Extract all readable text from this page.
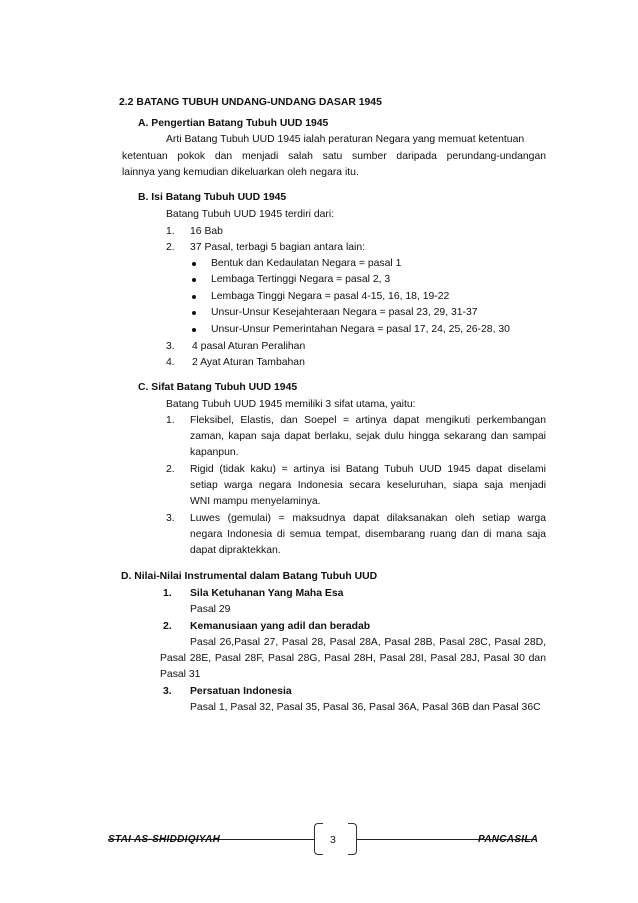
2.2 BATANG TUBUH UNDANG-UNDANG DASAR 1945
A. Pengertian Batang Tubuh UUD 1945
Arti Batang Tubuh UUD 1945 ialah peraturan Negara yang memuat ketentuan
ketentuan pokok dan menjadi salah satu sumber daripada perundang-undangan
lainnya yang kemudian dikeluarkan oleh negara itu.
B. Isi Batang Tubuh UUD 1945
Batang Tubuh UUD 1945 terdiri dari:
1. 16 Bab
2. 37 Pasal, terbagi 5 bagian antara lain:
Bentuk dan Kedaulatan Negara = pasal 1
Lembaga Tertinggi Negara = pasal 2, 3
Lembaga Tinggi Negara = pasal 4-15, 16, 18, 19-22
Unsur-Unsur Kesejahteraan Negara = pasal 23, 29, 31-37
Unsur-Unsur Pemerintahan Negara = pasal 17, 24, 25, 26-28, 30
3. 4 pasal Aturan Peralihan
4. 2 Ayat Aturan Tambahan
C. Sifat Batang Tubuh UUD 1945
Batang Tubuh UUD 1945 memiliki 3 sifat utama, yaitu:
1. Fleksibel, Elastis, dan Soepel = artinya dapat mengikuti perkembangan
zaman, kapan saja dapat berlaku, sejak dulu hingga sekarang dan sampai
kapanpun.
2. Rigid (tidak kaku) = artinya isi Batang Tubuh UUD 1945 dapat diselami
setiap warga negara Indonesia secara keseluruhan, siapa saja menjadi
WNI mampu menyelaminya.
3. Luwes (gemulai) = maksudnya dapat dilaksanakan oleh setiap warga
negara Indonesia di semua tempat, disembarang ruang dan di mana saja
dapat dipraktekkan.
D. Nilai-Nilai Instrumental dalam Batang Tubuh UUD
1. Sila Ketuhanan Yang Maha Esa
Pasal 29
2. Kemanusiaan yang adil dan beradab
Pasal 26,Pasal 27, Pasal 28, Pasal 28A, Pasal 28B, Pasal 28C, Pasal 28D,
Pasal 28E, Pasal 28F, Pasal 28G, Pasal 28H, Pasal 28I, Pasal 28J, Pasal 30 dan
Pasal 31
3. Persatuan Indonesia
Pasal 1, Pasal 32, Pasal 35, Pasal 36, Pasal 36A, Pasal 36B dan Pasal 36C
STAI AS-SHIDDIQIYAH	3	PANCASILA
